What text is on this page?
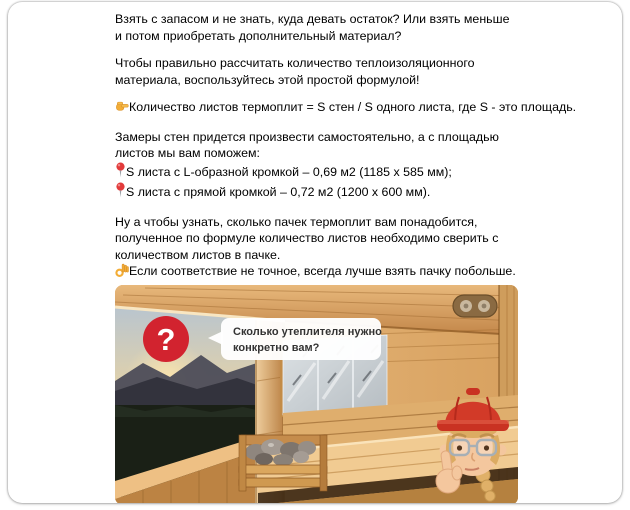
Взять с запасом и не знать, куда девать остаток? Или взять меньше и потом приобретать дополнительный материал?

Чтобы правильно рассчитать количество теплоизоляционного материала, воспользуйтесь этой простой формулой!

Количество листов термоплит = S стен / S одного листа, где S - это площадь.

Замеры стен придется произвести самостоятельно, а с площадью листов мы вам поможем:

S листа с L-образной кромкой – 0,69 м2 (1185 x 585 мм);
S листа с прямой кромкой – 0,72 м2 (1200 x 600 мм).

Ну а чтобы узнать, сколько пачек термоплит вам понадобится, полученное по формуле количество листов необходимо сверить с количеством листов в пачке.
Если соответствие не точное, всегда лучше взять пачку побольше.

?	Сколько утеплителя нужно
конкретно вам?
